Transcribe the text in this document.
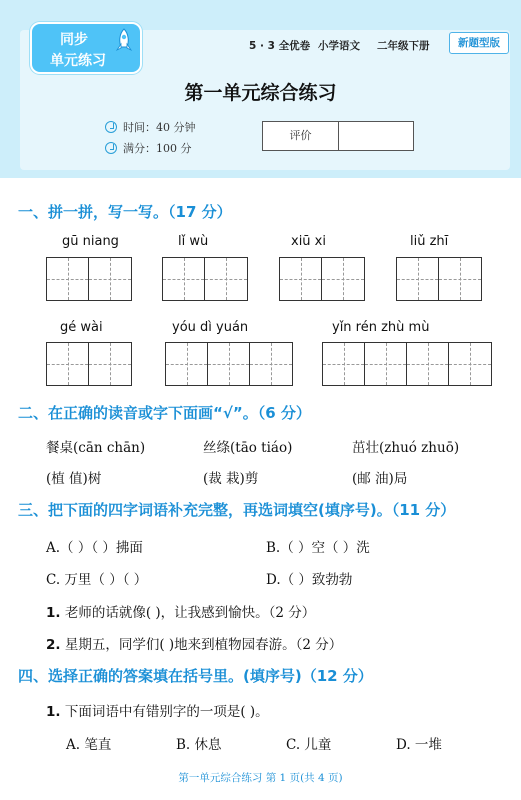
同步
单元练习
5 · 3 全优卷 小学语文 二年级下册	新题型版
第一单元综合练习
时间：40 分钟
满分：100 分
评价
一、拼一拼，写一写。（17 分）
gū niang	lǐ wù	xiū xi	liǔ zhī
gé wài	yóu dì yuán	yǐn rén zhù mù
二、在正确的读音或字下面画“√”。（6 分）
餐桌(cān chān)	丝绦(tāo tiáo)	茁壮(zhuó zhuō)
(植 值)树	(裁 栽)剪	(邮 油)局
三、把下面的四字词语补充完整，再选词填空(填序号)。（11 分）
A.（ ）（ ）拂面	B.（ ）空（ ）洗
C. 万里（ ）（ ）	D.（ ）致勃勃
1. 老师的话就像( )，让我感到愉快。（2 分）
2. 星期五，同学们( )地来到植物园春游。（2 分）
四、选择正确的答案填在括号里。(填序号)（12 分）
1. 下面词语中有错别字的一项是( )。
A. 笔直	B. 休息	C. 儿童	D. 一堆
第一单元综合练习 第 1 页(共 4 页)
